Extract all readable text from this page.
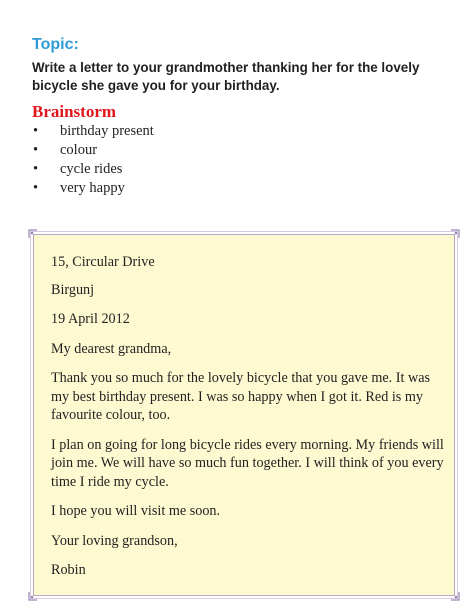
Topic:
Write a letter to your grandmother thanking her for the lovely bicycle she gave you for your birthday.
Brainstorm
• birthday present
• colour
• cycle rides
• very happy

15, Circular Drive

Birgunj

19 April 2012

My dearest grandma,

Thank you so much for the lovely bicycle that you gave me. It was my best birthday present. I was so happy when I got it. Red is my favourite colour, too.

I plan on going for long bicycle rides every morning. My friends will join me. We will have so much fun together. I will think of you every time I ride my cycle.

I hope you will visit me soon.

Your loving grandson,

Robin
